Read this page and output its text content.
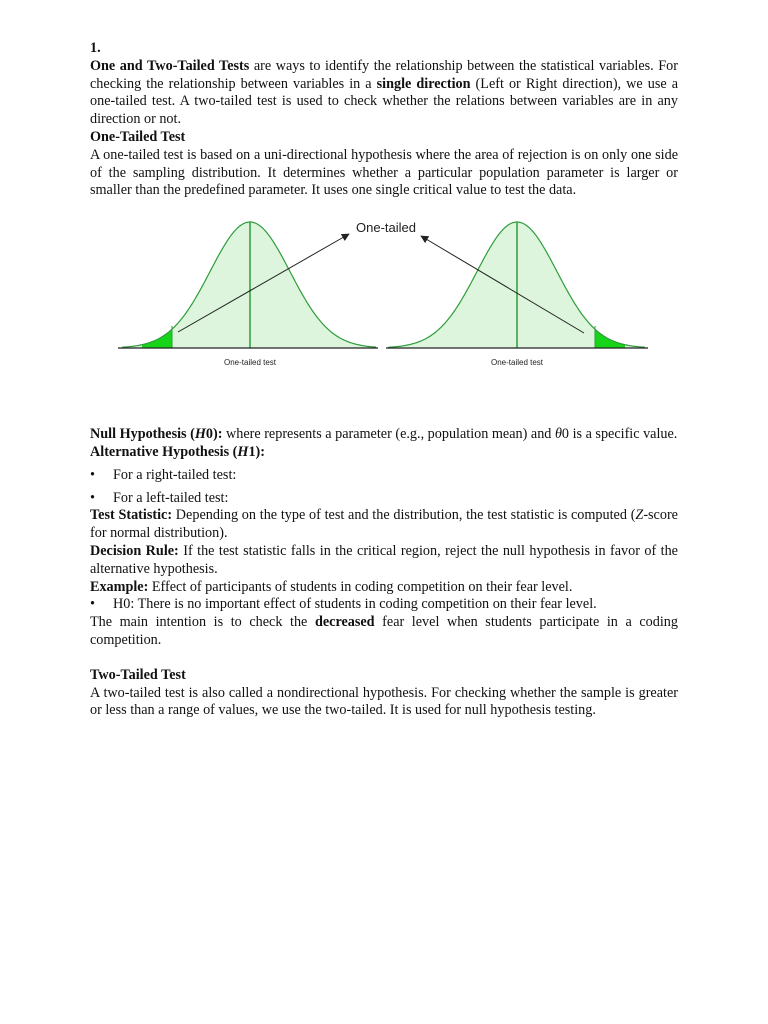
1.

One and Two-Tailed Tests are ways to identify the relationship between the statistical variables. For checking the relationship between variables in a single direction (Left or Right direction), we use a one-tailed test. A two-tailed test is used to check whether the relations between variables are in any direction or not.

One-Tailed Test

A one-tailed test is based on a uni-directional hypothesis where the area of rejection is on only one side of the sampling distribution. It determines whether a particular population parameter is larger or smaller than the predefined parameter. It uses one single critical value to test the data.

One-tailed
One-tailed test	One-tailed test

Null Hypothesis (H0): where represents a parameter (e.g., population mean) and θ0 is a specific value.

Alternative Hypothesis (H1):

•	For a right-tailed test:

•	For a left-tailed test:

Test Statistic: Depending on the type of test and the distribution, the test statistic is computed (Z-score for normal distribution).

Decision Rule: If the test statistic falls in the critical region, reject the null hypothesis in favor of the alternative hypothesis.

Example: Effect of participants of students in coding competition on their fear level.

•	H0: There is no important effect of students in coding competition on their fear level.

The main intention is to check the decreased fear level when students participate in a coding competition.

Two-Tailed Test

A two-tailed test is also called a nondirectional hypothesis. For checking whether the sample is greater or less than a range of values, we use the two-tailed. It is used for null hypothesis testing.
